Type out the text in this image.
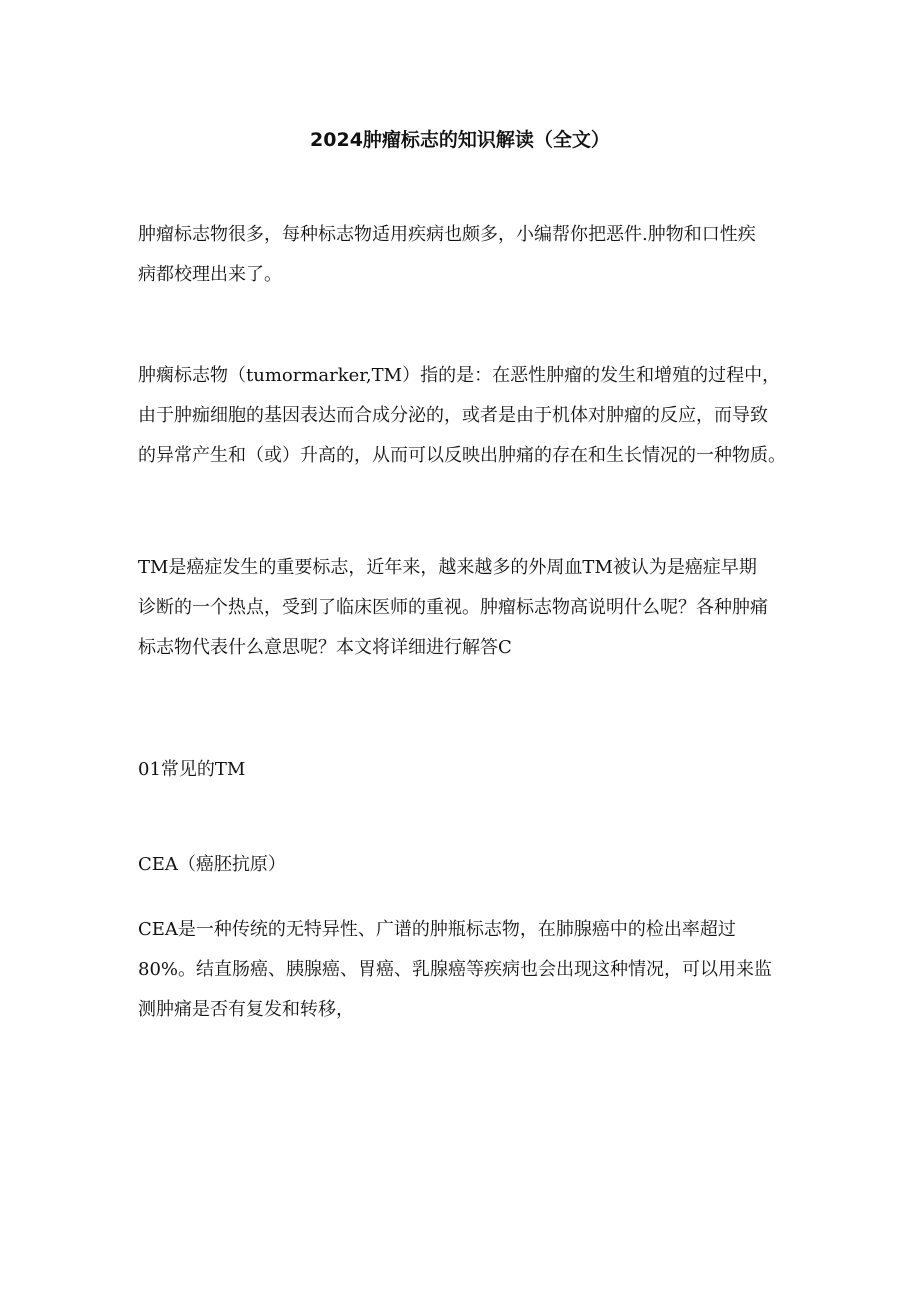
2024肿瘤标志的知识解读（全文）

肿瘤标志物很多，每种标志物适用疾病也颇多，小编帮你把恶件.肿物和口性疾
病都校理出来了。

肿瘸标志物（tumormarker,TM）指的是：在恶性肿瘤的发生和增殖的过程中，
由于肿痂细胞的基因表达而合成分泌的，或者是由于机体对肿瘤的反应，而导致
的异常产生和（或）升高的，从而可以反映出肿痛的存在和生长情况的一种物质。

TM是癌症发生的重要标志，近年来，越来越多的外周血TM被认为是癌症早期
诊断的一个热点，受到了临床医师的重视。肿瘤标志物高说明什么呢？各种肿痛
标志物代表什么意思呢？本文将详细进行解答C

01常见的TM

CEA（癌胚抗原）

CEA是一种传统的无特异性、广谱的肿瓶标志物，在肺腺癌中的检出率超过
80%。结直肠癌、胰腺癌、胃癌、乳腺癌等疾病也会出现这种情况，可以用来监
测肿痛是否有复发和转移，
